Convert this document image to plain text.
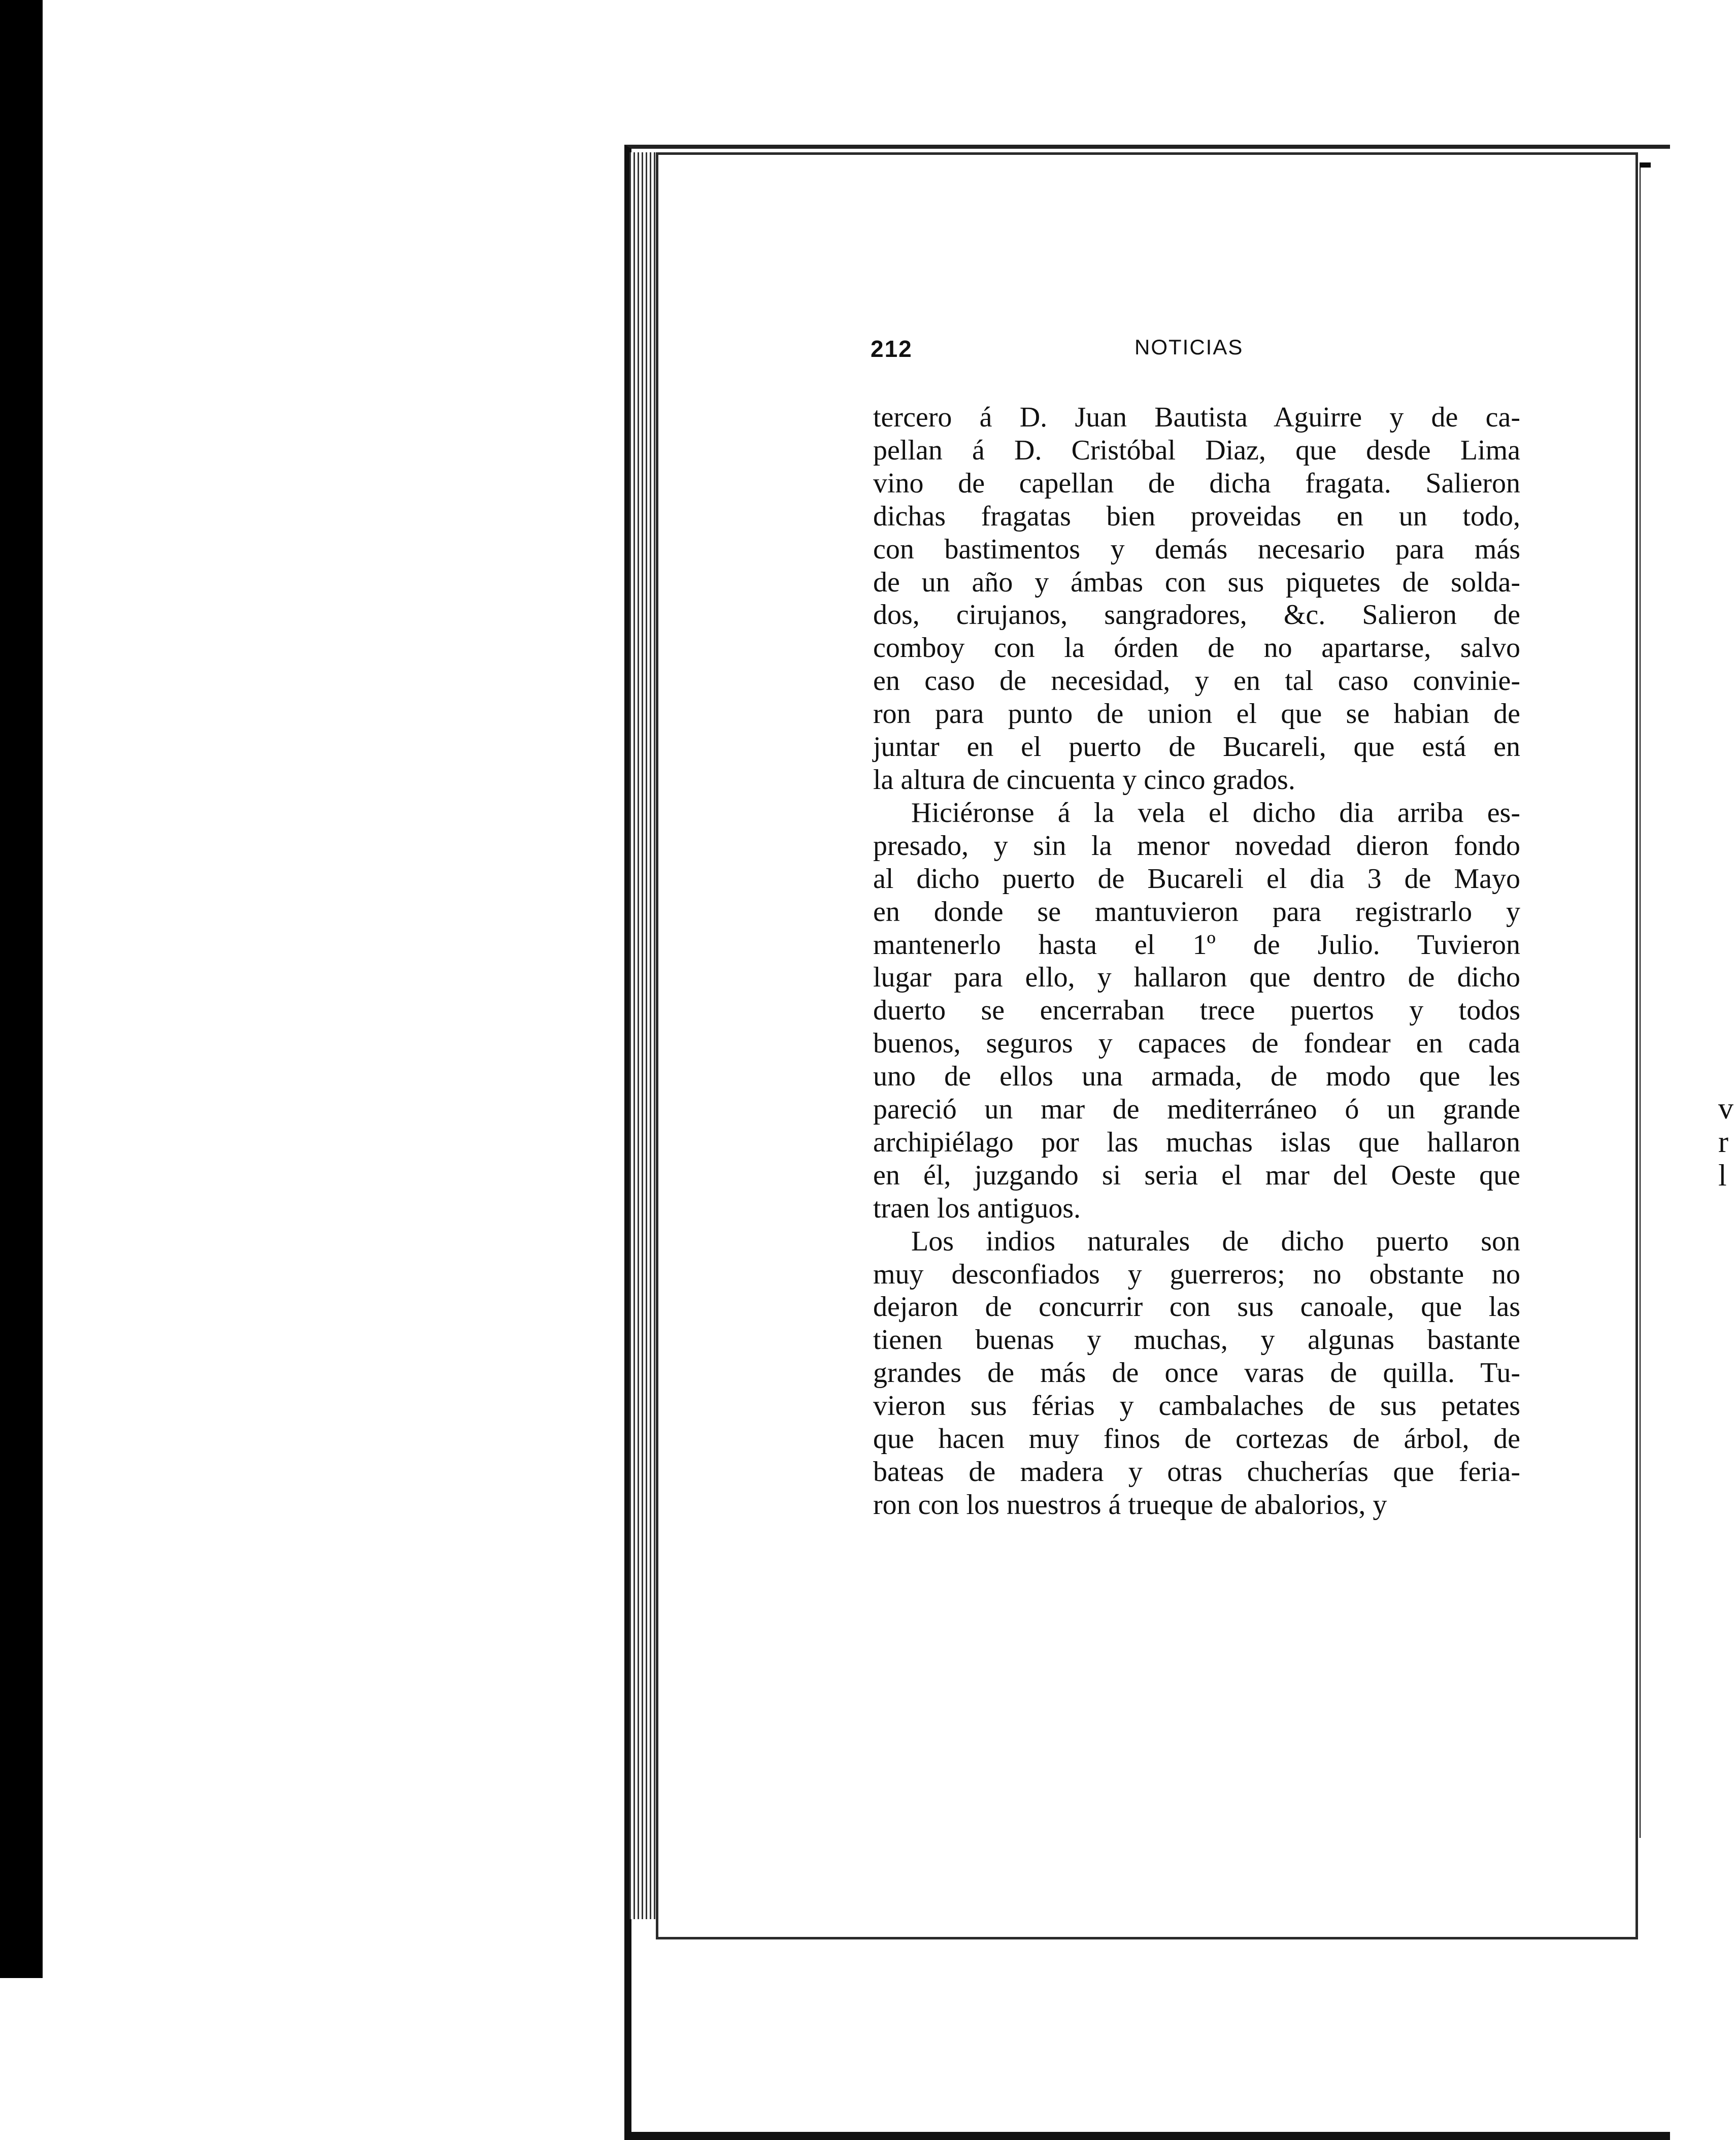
v
r
l
212	NOTICIAS
tercero á D. Juan Bautista Aguirre y de ca-
pellan á D. Cristóbal Diaz, que desde Lima
vino de capellan de dicha fragata. Salieron
dichas fragatas bien proveidas en un todo,
con bastimentos y demás necesario para más
de un año y ámbas con sus piquetes de solda-
dos, cirujanos, sangradores, &c. Salieron de
comboy con la órden de no apartarse, salvo
en caso de necesidad, y en tal caso convinie-
ron para punto de union el que se habian de
juntar en el puerto de Bucareli, que está en
la altura de cincuenta y cinco grados.
Hiciéronse á la vela el dicho dia arriba es-
presado, y sin la menor novedad dieron fondo
al dicho puerto de Bucareli el dia 3 de Mayo
en donde se mantuvieron para registrarlo y
mantenerlo hasta el 1º de Julio. Tuvieron
lugar para ello, y hallaron que dentro de dicho
duerto se encerraban trece puertos y todos
buenos, seguros y capaces de fondear en cada
uno de ellos una armada, de modo que les
pareció un mar de mediterráneo ó un grande
archipiélago por las muchas islas que hallaron
en él, juzgando si seria el mar del Oeste que
traen los antiguos.
Los indios naturales de dicho puerto son
muy desconfiados y guerreros; no obstante no
dejaron de concurrir con sus canoale, que las
tienen buenas y muchas, y algunas bastante
grandes de más de once varas de quilla. Tu-
vieron sus férias y cambalaches de sus petates
que hacen muy finos de cortezas de árbol, de
bateas de madera y otras chucherías que feria-
ron con los nuestros á trueque de abalorios, y
